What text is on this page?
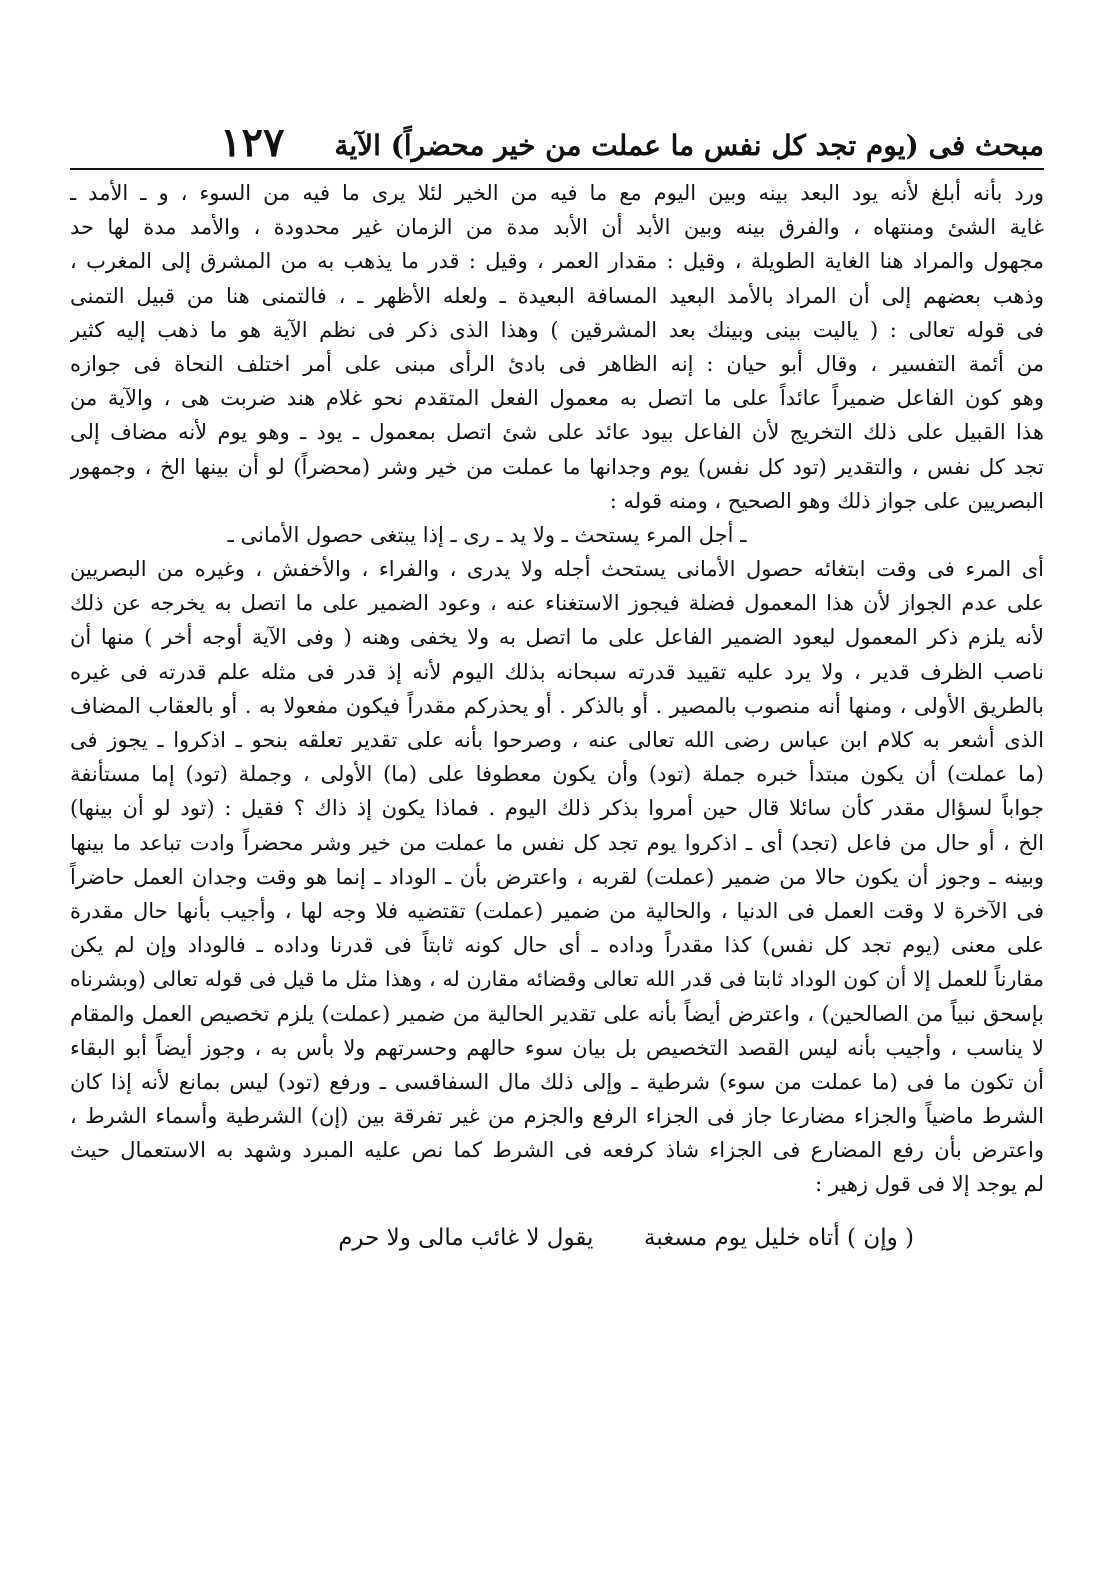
مبحث فى (يوم تجد كل نفس ما عملت من خير محضراً) الآية
١٢٧
ورد بأنه أبلغ لأنه يود البعد بينه وبين اليوم مع ما فيه من الخير لئلا يرى ما فيه من السوء ، و ـ الأمد ـ
غاية الشئ ومنتهاه ، والفرق بينه وبين الأبد أن الأبد مدة من الزمان غير محدودة ، والأمد مدة لها حد
مجهول والمراد هنا الغاية الطويلة ، وقيل : مقدار العمر ، وقيل : قدر ما يذهب به من المشرق إلى المغرب ،
وذهب بعضهم إلى أن المراد بالأمد البعيد المسافة البعيدة ـ ولعله الأظهر ـ ، فالتمنى هنا من قبيل التمنى
فى قوله تعالى : ( ياليت بينى وبينك بعد المشرقين ) وهذا الذى ذكر فى نظم الآية هو ما ذهب إليه كثير
من أئمة التفسير ، وقال أبو حيان : إنه الظاهر فى بادئ الرأى مبنى على أمر اختلف النحاة فى جوازه
وهو كون الفاعل ضميراً عائداً على ما اتصل به معمول الفعل المتقدم نحو غلام هند ضربت هى ، والآية من
هذا القبيل على ذلك التخريج لأن الفاعل بيود عائد على شئ اتصل بمعمول ـ يود ـ وهو يوم لأنه مضاف إلى
تجد كل نفس ، والتقدير (تود كل نفس) يوم وجدانها ما عملت من خير وشر (محضراً) لو أن بينها الخ ، وجمهور
البصريين على جواز ذلك وهو الصحيح ، ومنه قوله :
ـ أجل المرء يستحث ـ ولا يد ـ رى ـ إذا يبتغى حصول الأمانى ـ
أى المرء فى وقت ابتغائه حصول الأمانى يستحث أجله ولا يدرى ، والفراء ، والأخفش ، وغيره من البصريين
على عدم الجواز لأن هذا المعمول فضلة فيجوز الاستغناء عنه ، وعود الضمير على ما اتصل به يخرجه عن ذلك
لأنه يلزم ذكر المعمول ليعود الضمير الفاعل على ما اتصل به ولا يخفى وهنه ( وفى الآية أوجه أخر ) منها أن
ناصب الظرف قدير ، ولا يرد عليه تقييد قدرته سبحانه بذلك اليوم لأنه إذ قدر فى مثله علم قدرته فى غيره
بالطريق الأولى ، ومنها أنه منصوب بالمصير . أو بالذكر . أو يحذركم مقدراً فيكون مفعولا به . أو بالعقاب المضاف
الذى أشعر به كلام ابن عباس رضى الله تعالى عنه ، وصرحوا بأنه على تقدير تعلقه بنحو ـ اذكروا ـ يجوز فى
(ما عملت) أن يكون مبتدأ خبره جملة (تود) وأن يكون معطوفا على (ما) الأولى ، وجملة (تود) إما مستأنفة
جواباً لسؤال مقدر كأن سائلا قال حين أمروا بذكر ذلك اليوم . فماذا يكون إذ ذاك ؟ فقيل : (تود لو أن بينها)
الخ ، أو حال من فاعل (تجد) أى ـ اذكروا يوم تجد كل نفس ما عملت من خير وشر محضراً وادت تباعد ما بينها
وبينه ـ وجوز أن يكون حالا من ضمير (عملت) لقربه ، واعترض بأن ـ الوداد ـ إنما هو وقت وجدان العمل حاضراً
فى الآخرة لا وقت العمل فى الدنيا ، والحالية من ضمير (عملت) تقتضيه فلا وجه لها ، وأجيب بأنها حال مقدرة
على معنى (يوم تجد كل نفس) كذا مقدراً وداده ـ أى حال كونه ثابتاً فى قدرنا وداده ـ فالوداد وإن لم يكن
مقارناً للعمل إلا أن كون الوداد ثابتا فى قدر الله تعالى وقضائه مقارن له ، وهذا مثل ما قيل فى قوله تعالى (وبشرناه
بإسحق نبياً من الصالحين) ، واعترض أيضاً بأنه على تقدير الحالية من ضمير (عملت) يلزم تخصيص العمل والمقام
لا يناسب ، وأجيب بأنه ليس القصد التخصيص بل بيان سوء حالهم وحسرتهم ولا بأس به ، وجوز أيضاً أبو البقاء
أن تكون ما فى (ما عملت من سوء) شرطية ـ وإلى ذلك مال السفاقسى ـ ورفع (تود) ليس بمانع لأنه إذا كان
الشرط ماضياً والجزاء مضارعا جاز فى الجزاء الرفع والجزم من غير تفرقة بين (إن) الشرطية وأسماء الشرط ،
واعترض بأن رفع المضارع فى الجزاء شاذ كرفعه فى الشرط كما نص عليه المبرد وشهد به الاستعمال حيث
لم يوجد إلا فى قول زهير :
( وإن ) أتاه خليل يوم مسغبة  يقول لا غائب مالى ولا حرم
